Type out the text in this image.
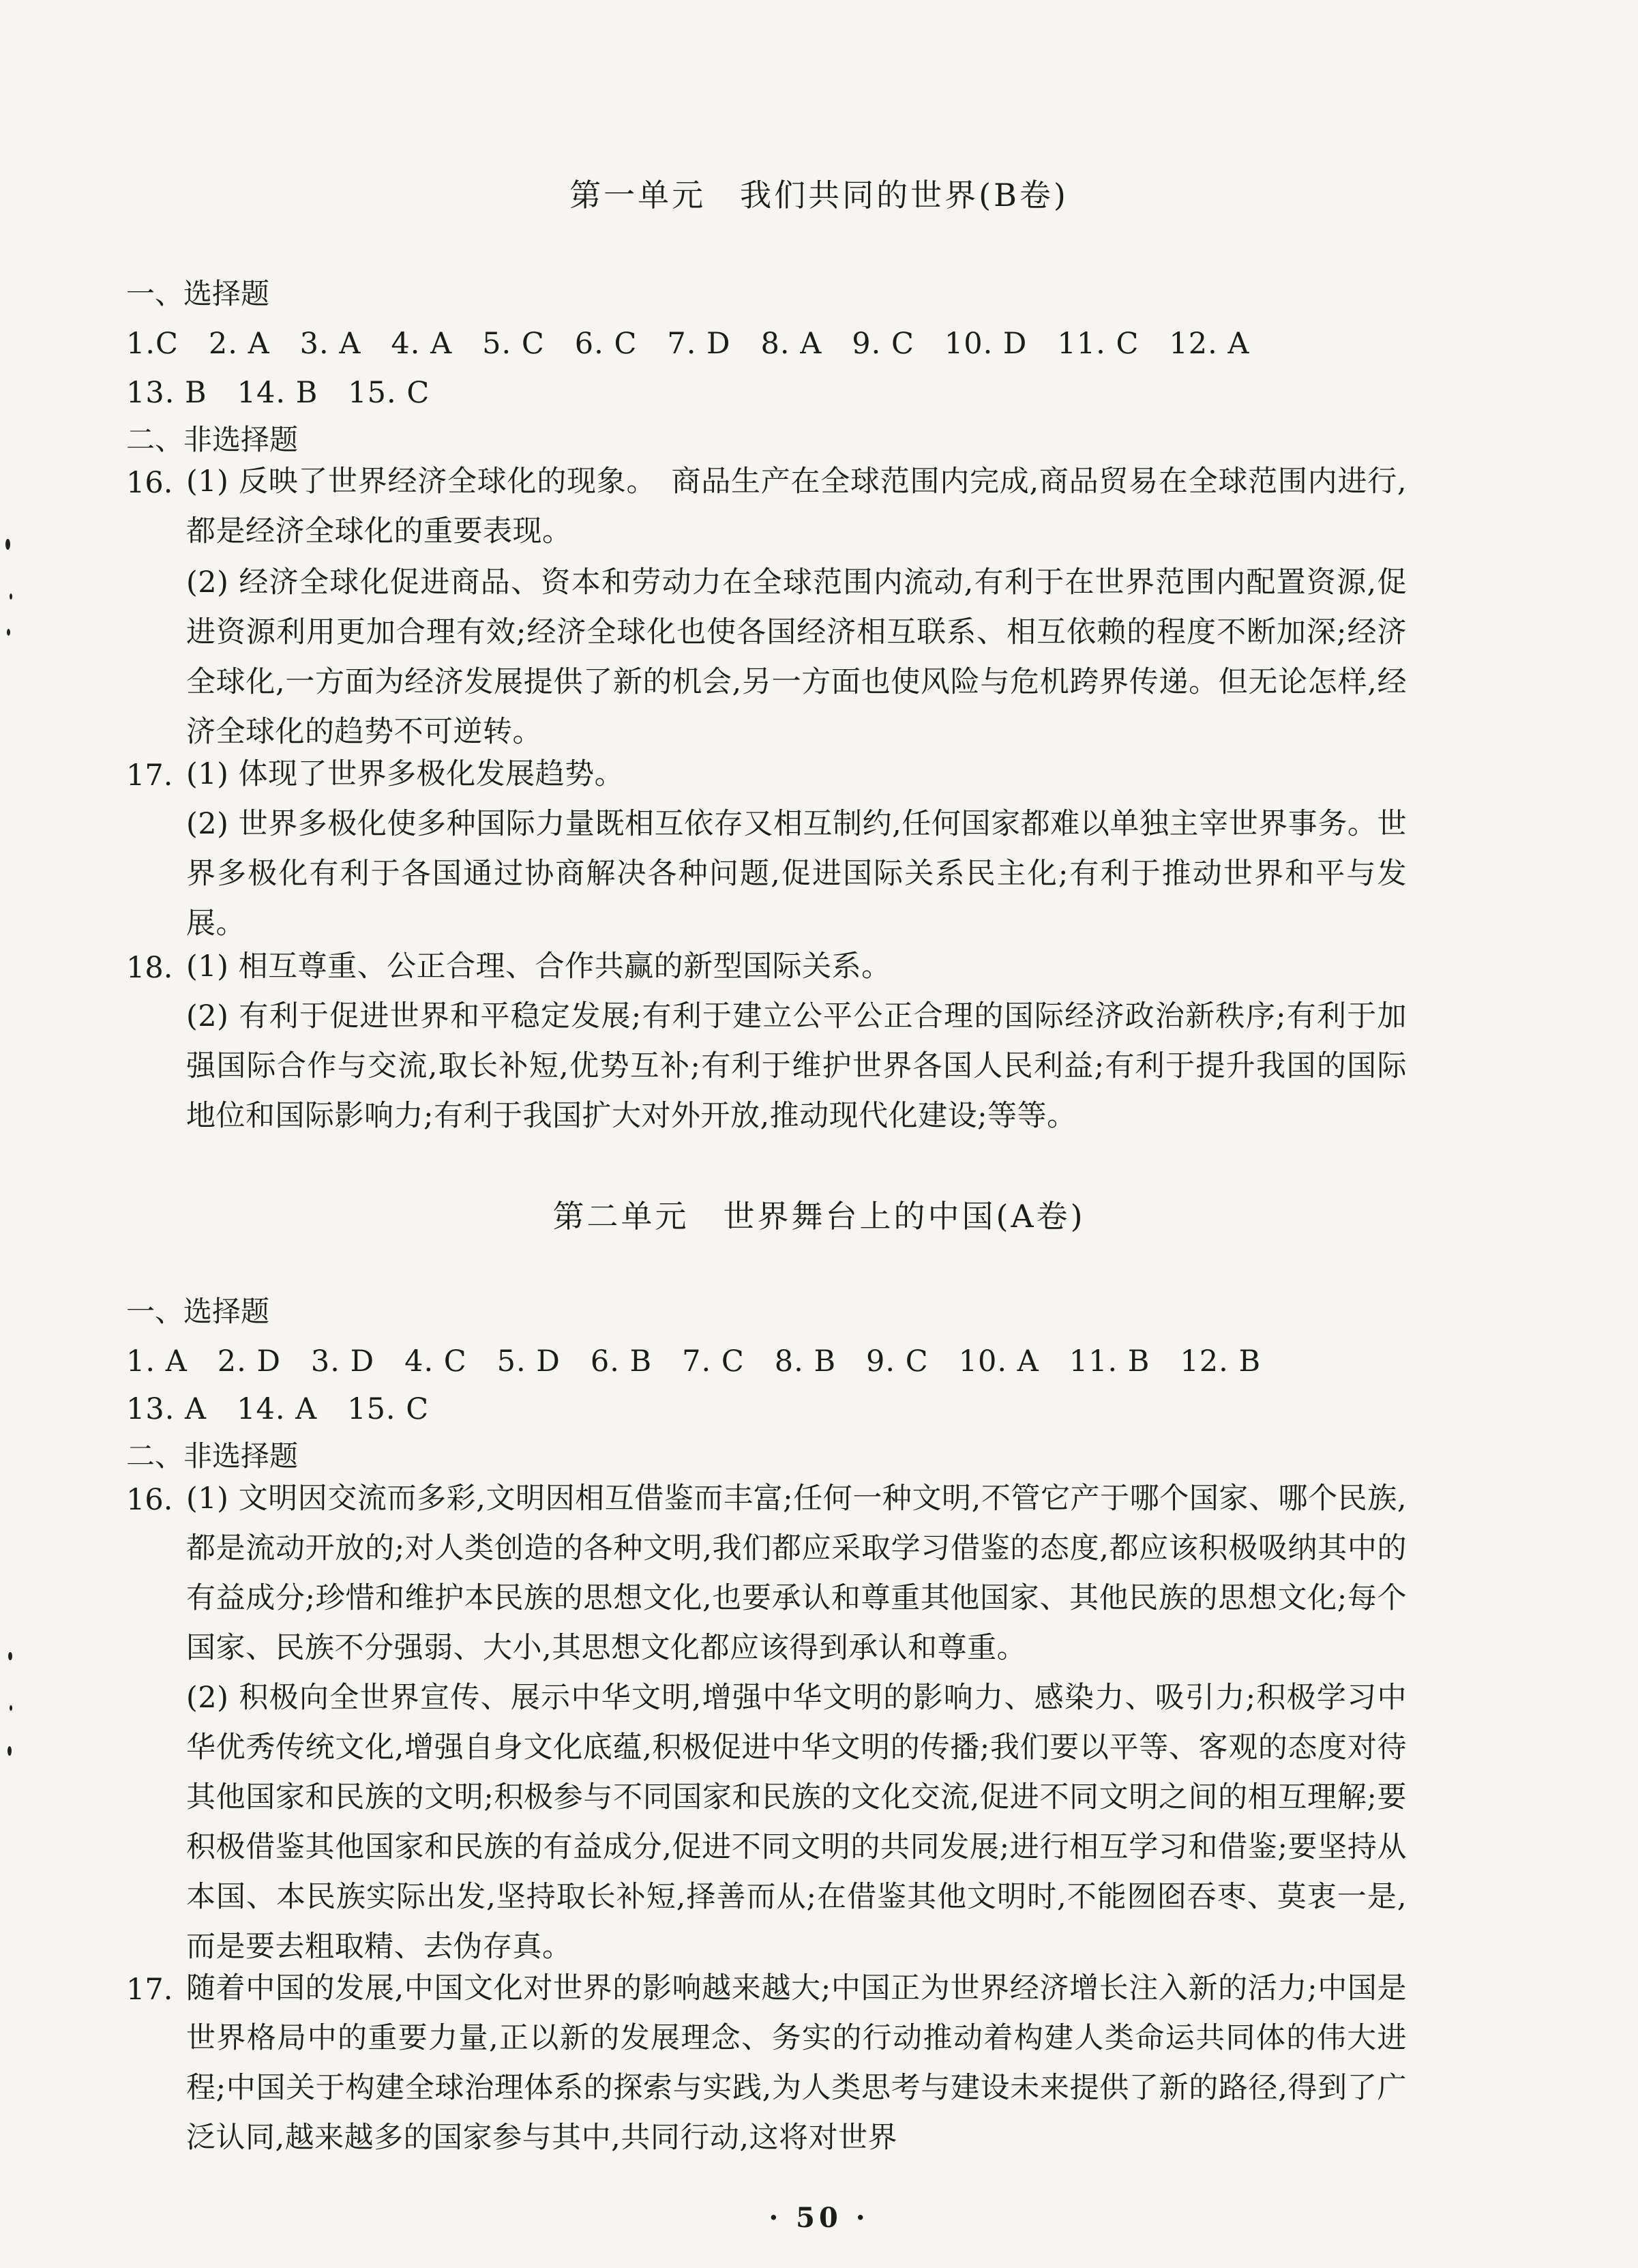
第一单元　我们共同的世界(B卷)
一、选择题
1.C　2. A　3. A　4. A　5. C　6. C　7. D　8. A　9. C　10. D　11. C　12. A
13. B　14. B　15. C
二、非选择题
16. (1) 反映了世界经济全球化的现象。　商品生产在全球范围内完成,商品贸易在全球范围内进行,都是经济全球化的重要表现。
(2) 经济全球化促进商品、资本和劳动力在全球范围内流动,有利于在世界范围内配置资源,促进资源利用更加合理有效;经济全球化也使各国经济相互联系、相互依赖的程度不断加深;经济全球化,一方面为经济发展提供了新的机会,另一方面也使风险与危机跨界传递。但无论怎样,经济全球化的趋势不可逆转。
17. (1) 体现了世界多极化发展趋势。
(2) 世界多极化使多种国际力量既相互依存又相互制约,任何国家都难以单独主宰世界事务。世界多极化有利于各国通过协商解决各种问题,促进国际关系民主化;有利于推动世界和平与发展。
18. (1) 相互尊重、公正合理、合作共赢的新型国际关系。
(2) 有利于促进世界和平稳定发展;有利于建立公平公正合理的国际经济政治新秩序;有利于加强国际合作与交流,取长补短,优势互补;有利于维护世界各国人民利益;有利于提升我国的国际地位和国际影响力;有利于我国扩大对外开放,推动现代化建设;等等。
第二单元　世界舞台上的中国(A卷)
一、选择题
1. A　2. D　3. D　4. C　5. D　6. B　7. C　8. B　9. C　10. A　11. B　12. B
13. A　14. A　15. C
二、非选择题
16. (1) 文明因交流而多彩,文明因相互借鉴而丰富;任何一种文明,不管它产于哪个国家、哪个民族,都是流动开放的;对人类创造的各种文明,我们都应采取学习借鉴的态度,都应该积极吸纳其中的有益成分;珍惜和维护本民族的思想文化,也要承认和尊重其他国家、其他民族的思想文化;每个国家、民族不分强弱、大小,其思想文化都应该得到承认和尊重。
(2) 积极向全世界宣传、展示中华文明,增强中华文明的影响力、感染力、吸引力;积极学习中华优秀传统文化,增强自身文化底蕴,积极促进中华文明的传播;我们要以平等、客观的态度对待其他国家和民族的文明;积极参与不同国家和民族的文化交流,促进不同文明之间的相互理解;要积极借鉴其他国家和民族的有益成分,促进不同文明的共同发展;进行相互学习和借鉴;要坚持从本国、本民族实际出发,坚持取长补短,择善而从;在借鉴其他文明时,不能囫囵吞枣、莫衷一是,而是要去粗取精、去伪存真。
17. 随着中国的发展,中国文化对世界的影响越来越大;中国正为世界经济增长注入新的活力;中国是世界格局中的重要力量,正以新的发展理念、务实的行动推动着构建人类命运共同体的伟大进程;中国关于构建全球治理体系的探索与实践,为人类思考与建设未来提供了新的路径,得到了广泛认同,越来越多的国家参与其中,共同行动,这将对世界
· 50 ·
